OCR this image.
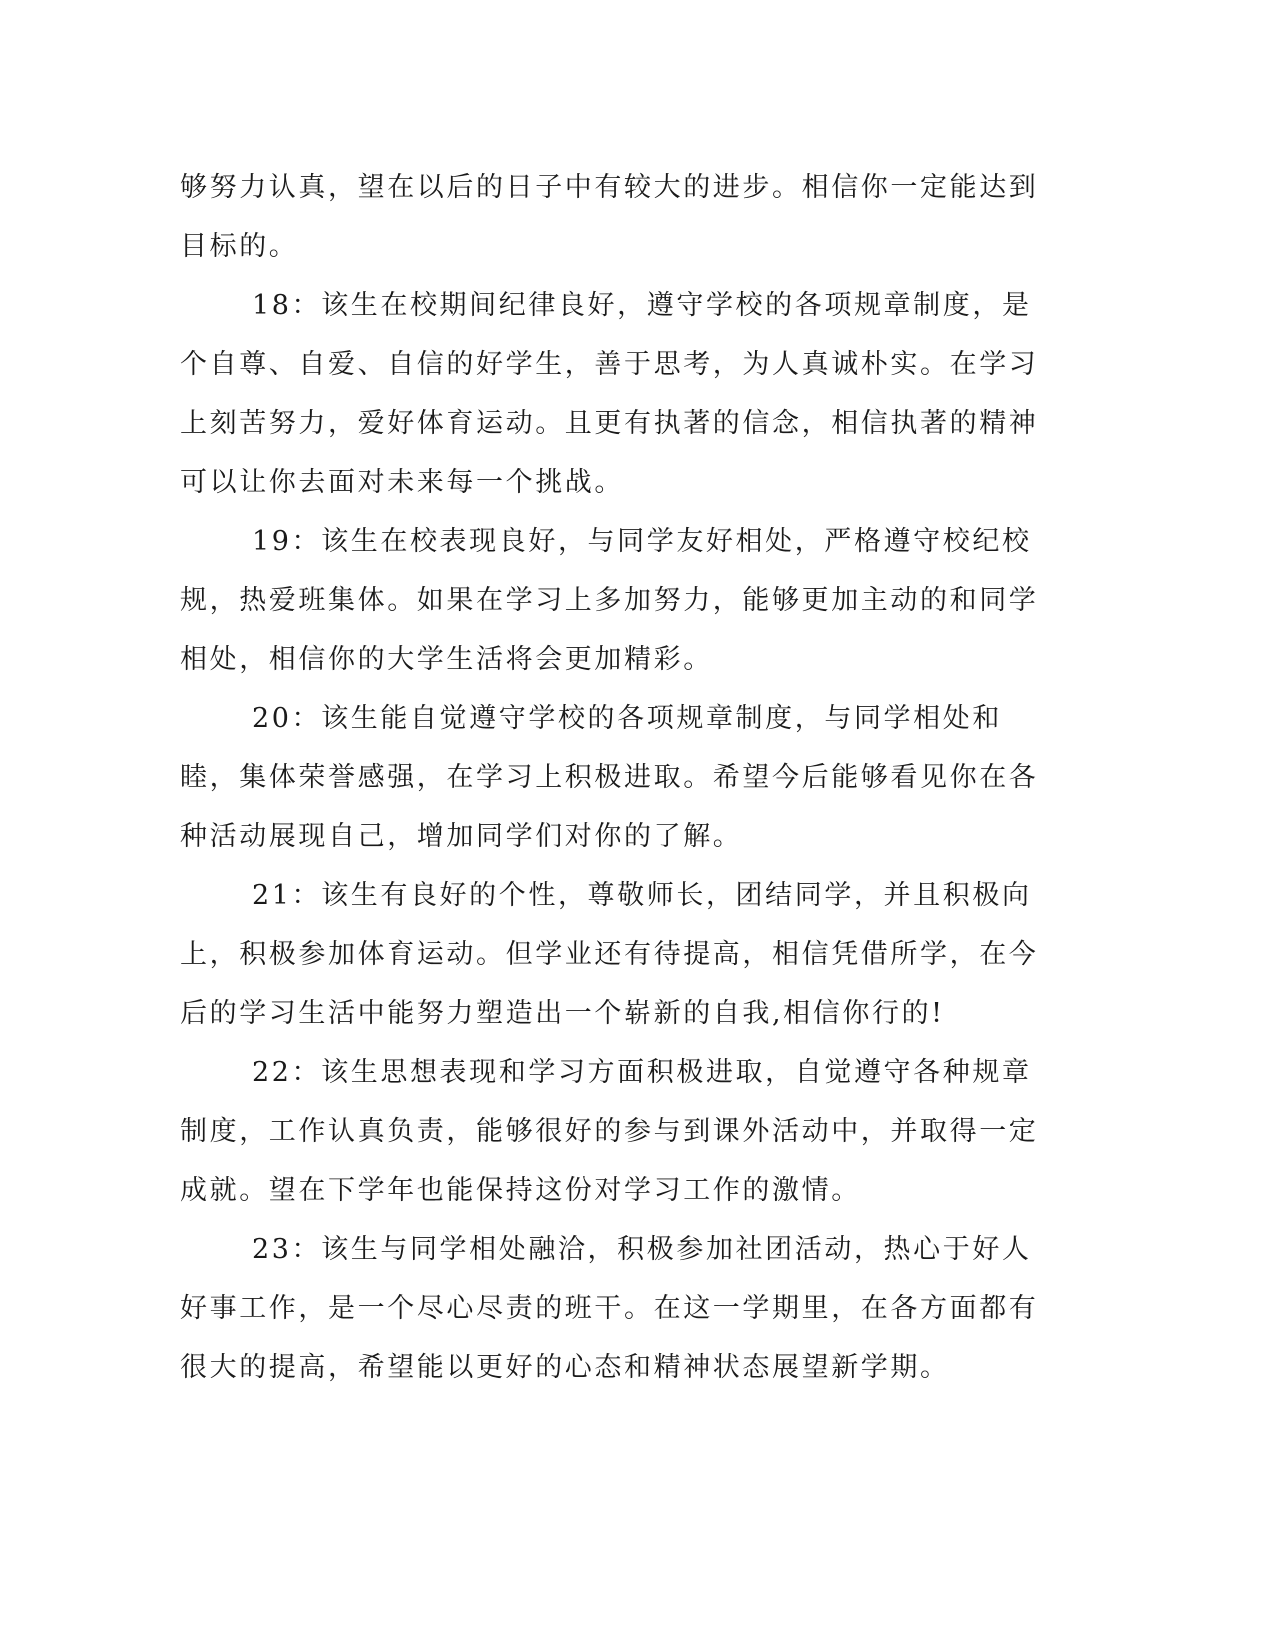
够努力认真，望在以后的日子中有较大的进步。相信你一定能达到目标的。

18：该生在校期间纪律良好，遵守学校的各项规章制度，是个自尊、自爱、自信的好学生，善于思考，为人真诚朴实。在学习上刻苦努力，爱好体育运动。且更有执著的信念，相信执著的精神可以让你去面对未来每一个挑战。

19：该生在校表现良好，与同学友好相处，严格遵守校纪校规，热爱班集体。如果在学习上多加努力，能够更加主动的和同学相处，相信你的大学生活将会更加精彩。

20：该生能自觉遵守学校的各项规章制度，与同学相处和睦，集体荣誉感强，在学习上积极进取。希望今后能够看见你在各种活动展现自己，增加同学们对你的了解。

21：该生有良好的个性，尊敬师长，团结同学，并且积极向上，积极参加体育运动。但学业还有待提高，相信凭借所学，在今后的学习生活中能努力塑造出一个崭新的自我,相信你行的!

22：该生思想表现和学习方面积极进取，自觉遵守各种规章制度，工作认真负责，能够很好的参与到课外活动中，并取得一定成就。望在下学年也能保持这份对学习工作的激情。

23：该生与同学相处融洽，积极参加社团活动，热心于好人好事工作，是一个尽心尽责的班干。在这一学期里，在各方面都有很大的提高，希望能以更好的心态和精神状态展望新学期。
